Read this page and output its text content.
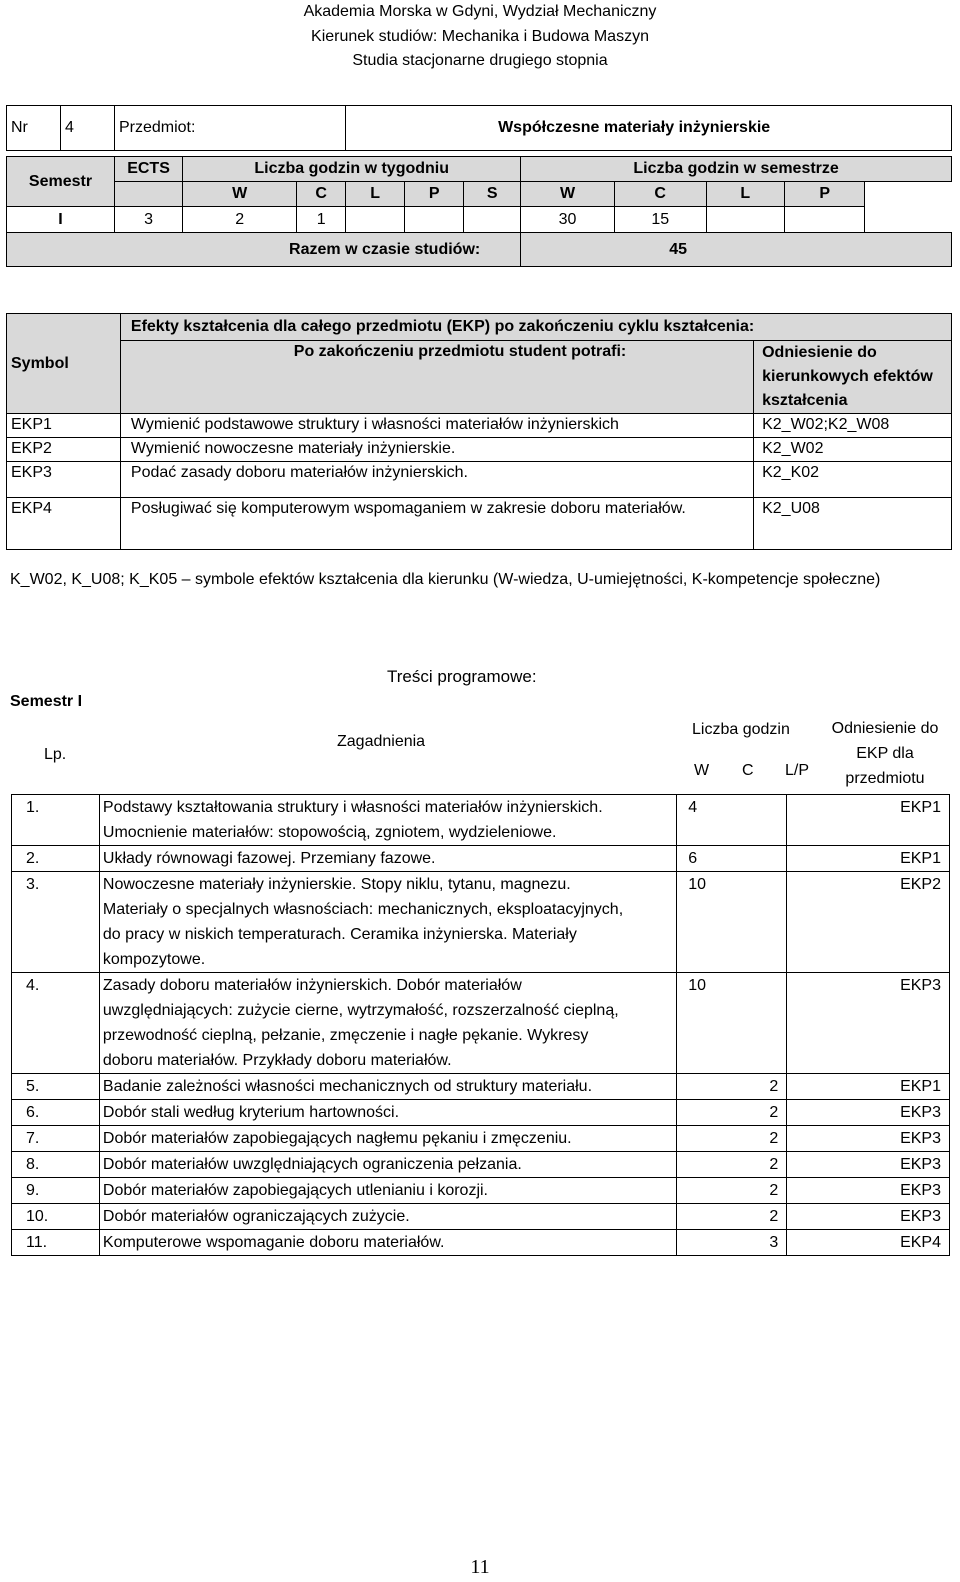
Akademia Morska w Gdyni, Wydział Mechaniczny
Kierunek studiów: Mechanika i Budowa Maszyn
Studia stacjonarne drugiego stopnia
Nr	4	Przedmiot:			Współczesne materiały inżynierskie						

Semestr		ECTS	Liczba godzin w tygodniu					Liczba godzin w semestrze			
			W	C	L	P	S	W	C	L	P
I		3	2	1				30	15		
Razem w czasie studiów:								45			
Symbol	Efekty kształcenia dla całego przedmiotu (EKP) po zakończeniu cyklu kształcenia:	
	Po zakończeniu przedmiotu student potrafi:	Odniesienie do kierunkowych efektów kształcenia
EKP1	Wymienić podstawowe struktury i własności materiałów inżynierskich	K2_W02;K2_W08
EKP2	Wymienić nowoczesne materiały inżynierskie.	K2_W02
EKP3	Podać zasady doboru materiałów inżynierskich.	K2_K02
EKP4	Posługiwać się komputerowym wspomaganiem w zakresie doboru materiałów.	K2_U08
K_W02, K_U08; K_K05 – symbole efektów kształcenia dla kierunku (W-wiedza, U-umiejętności, K-kompetencje społeczne)
Treści programowe:
Semestr I
Lp.
Zagadnienia
Liczba godzin
W C L/P
Odniesienie do EKP dla przedmiotu
1.	Podstawy kształtowania struktury i własności materiałów inżynierskich. Umocnienie materiałów: stopowością, zgniotem, wydzieleniowe.	4	EKP1
2.	Układy równowagi fazowej. Przemiany fazowe.	6	EKP1
3.	Nowoczesne materiały inżynierskie. Stopy niklu, tytanu, magnezu. Materiały o specjalnych własnościach: mechanicznych, eksploatacyjnych, do pracy w niskich temperaturach. Ceramika inżynierska. Materiały kompozytowe.	10	EKP2
4.	Zasady doboru materiałów inżynierskich. Dobór materiałów uwzględniających: zużycie cierne, wytrzymałość, rozszerzalność cieplną, przewodność cieplną, pełzanie, zmęczenie i nagłe pękanie. Wykresy doboru materiałów. Przykłady doboru materiałów.	10	EKP3
5.	Badanie zależności własności mechanicznych od struktury materiału.	2	EKP1
6.	Dobór stali według kryterium hartowności.	2	EKP3
7.	Dobór materiałów zapobiegających nagłemu pękaniu i zmęczeniu.	2	EKP3
8.	Dobór materiałów uwzględniających ograniczenia pełzania.	2	EKP3
9.	Dobór materiałów zapobiegających utlenianiu i korozji.	2	EKP3
10.	Dobór materiałów ograniczających zużycie.	2	EKP3
11.	Komputerowe wspomaganie doboru materiałów.	3	EKP4
11
